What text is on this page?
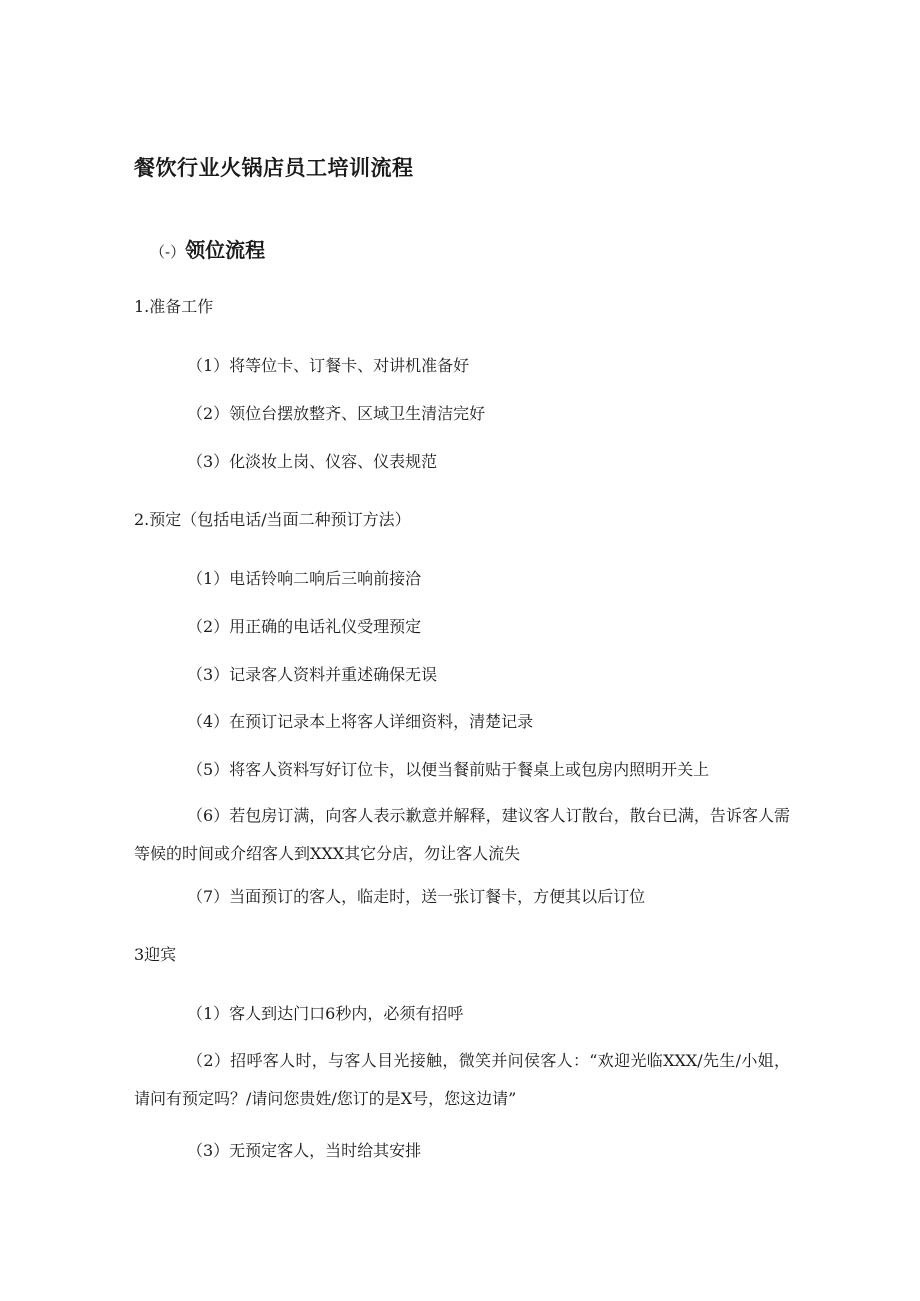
餐饮行业火锅店员工培训流程
（-）领位流程
1.准备工作
（1）将等位卡、订餐卡、对讲机准备好
（2）领位台摆放整齐、区域卫生清洁完好
（3）化淡妆上岗、仪容、仪表规范
2.预定（包括电话/当面二种预订方法）
（1）电话铃响二响后三响前接洽
（2）用正确的电话礼仪受理预定
（3）记录客人资料并重述确保无误
（4）在预订记录本上将客人详细资料，清楚记录
（5）将客人资料写好订位卡，以便当餐前贴于餐桌上或包房内照明开关上
（6）若包房订满，向客人表示歉意并解释，建议客人订散台，散台已满，告诉客人需等候的时间或介绍客人到XXX其它分店，勿让客人流失
（7）当面预订的客人，临走时，送一张订餐卡，方便其以后订位
3迎宾
（1）客人到达门口6秒内，必须有招呼
（2）招呼客人时，与客人目光接触，微笑并问侯客人：“欢迎光临XXX/先生/小姐，请问有预定吗？/请问您贵姓/您订的是X号，您这边请”
（3）无预定客人，当时给其安排
